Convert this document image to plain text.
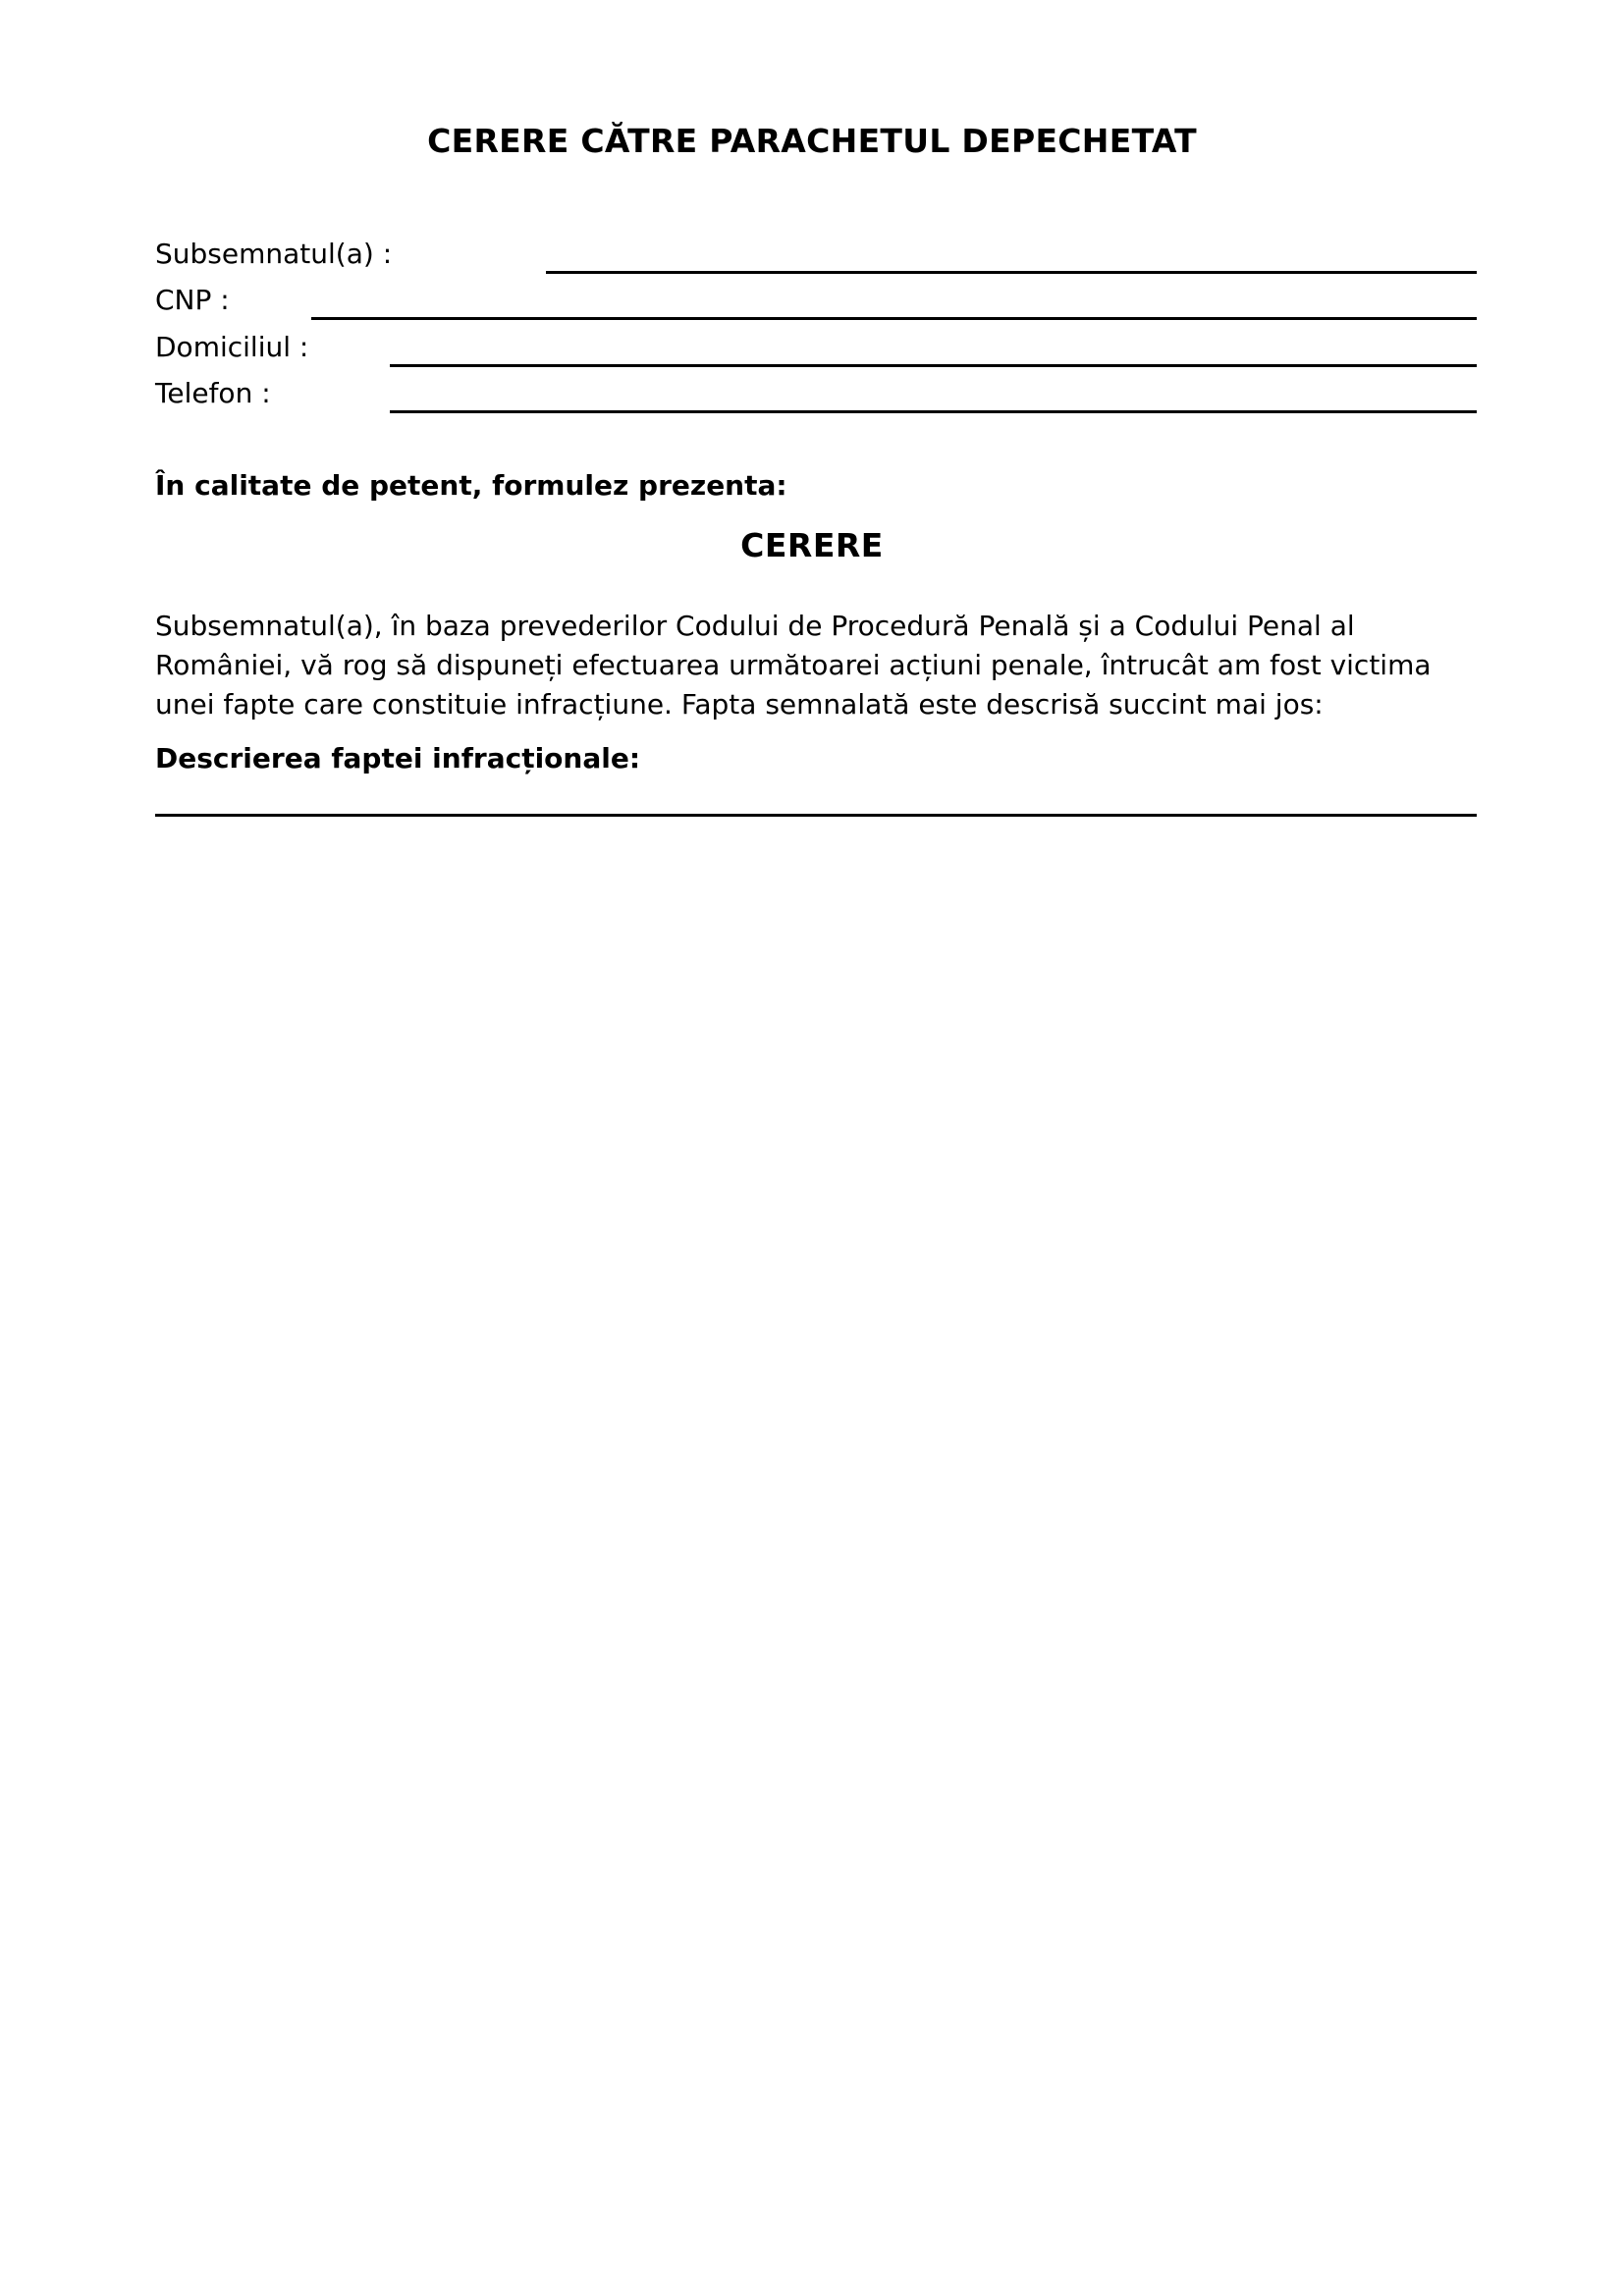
CERERE CĂTRE PARACHETUL DEPECHETAT
Subsemnatul(a) :
CNP :
Domiciliul :
Telefon :
În calitate de petent, formulez prezenta:
CERERE
Subsemnatul(a), în baza prevederilor Codului de Procedură Penală și a Codului Penal al
României, vă rog să dispuneți efectuarea următoarei acțiuni penale, întrucât am fost victima
unei fapte care constituie infracțiune. Fapta semnalată este descrisă succint mai jos:
Descrierea faptei infracționale:
